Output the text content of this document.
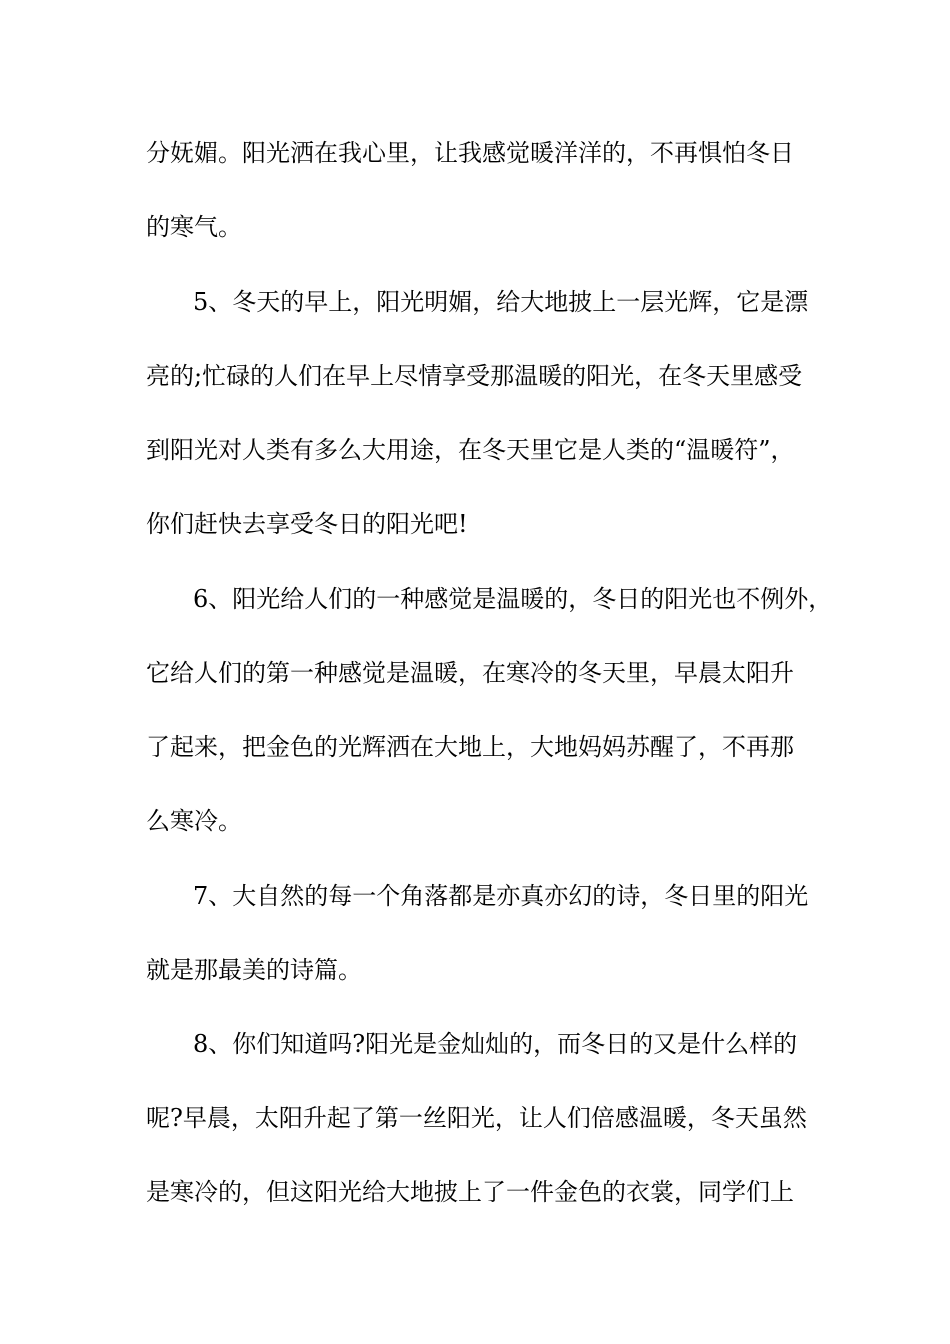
分妩媚。阳光洒在我心里，让我感觉暖洋洋的，不再惧怕冬日
的寒气。
5、冬天的早上，阳光明媚，给大地披上一层光辉，它是漂
亮的;忙碌的人们在早上尽情享受那温暖的阳光，在冬天里感受
到阳光对人类有多么大用途，在冬天里它是人类的“温暖符”，
你们赶快去享受冬日的阳光吧!
6、阳光给人们的一种感觉是温暖的，冬日的阳光也不例外，
它给人们的第一种感觉是温暖，在寒冷的冬天里，早晨太阳升
了起来，把金色的光辉洒在大地上，大地妈妈苏醒了，不再那
么寒冷。
7、大自然的每一个角落都是亦真亦幻的诗，冬日里的阳光
就是那最美的诗篇。
8、你们知道吗?阳光是金灿灿的，而冬日的又是什么样的
呢?早晨，太阳升起了第一丝阳光，让人们倍感温暖，冬天虽然
是寒冷的，但这阳光给大地披上了一件金色的衣裳，同学们上
